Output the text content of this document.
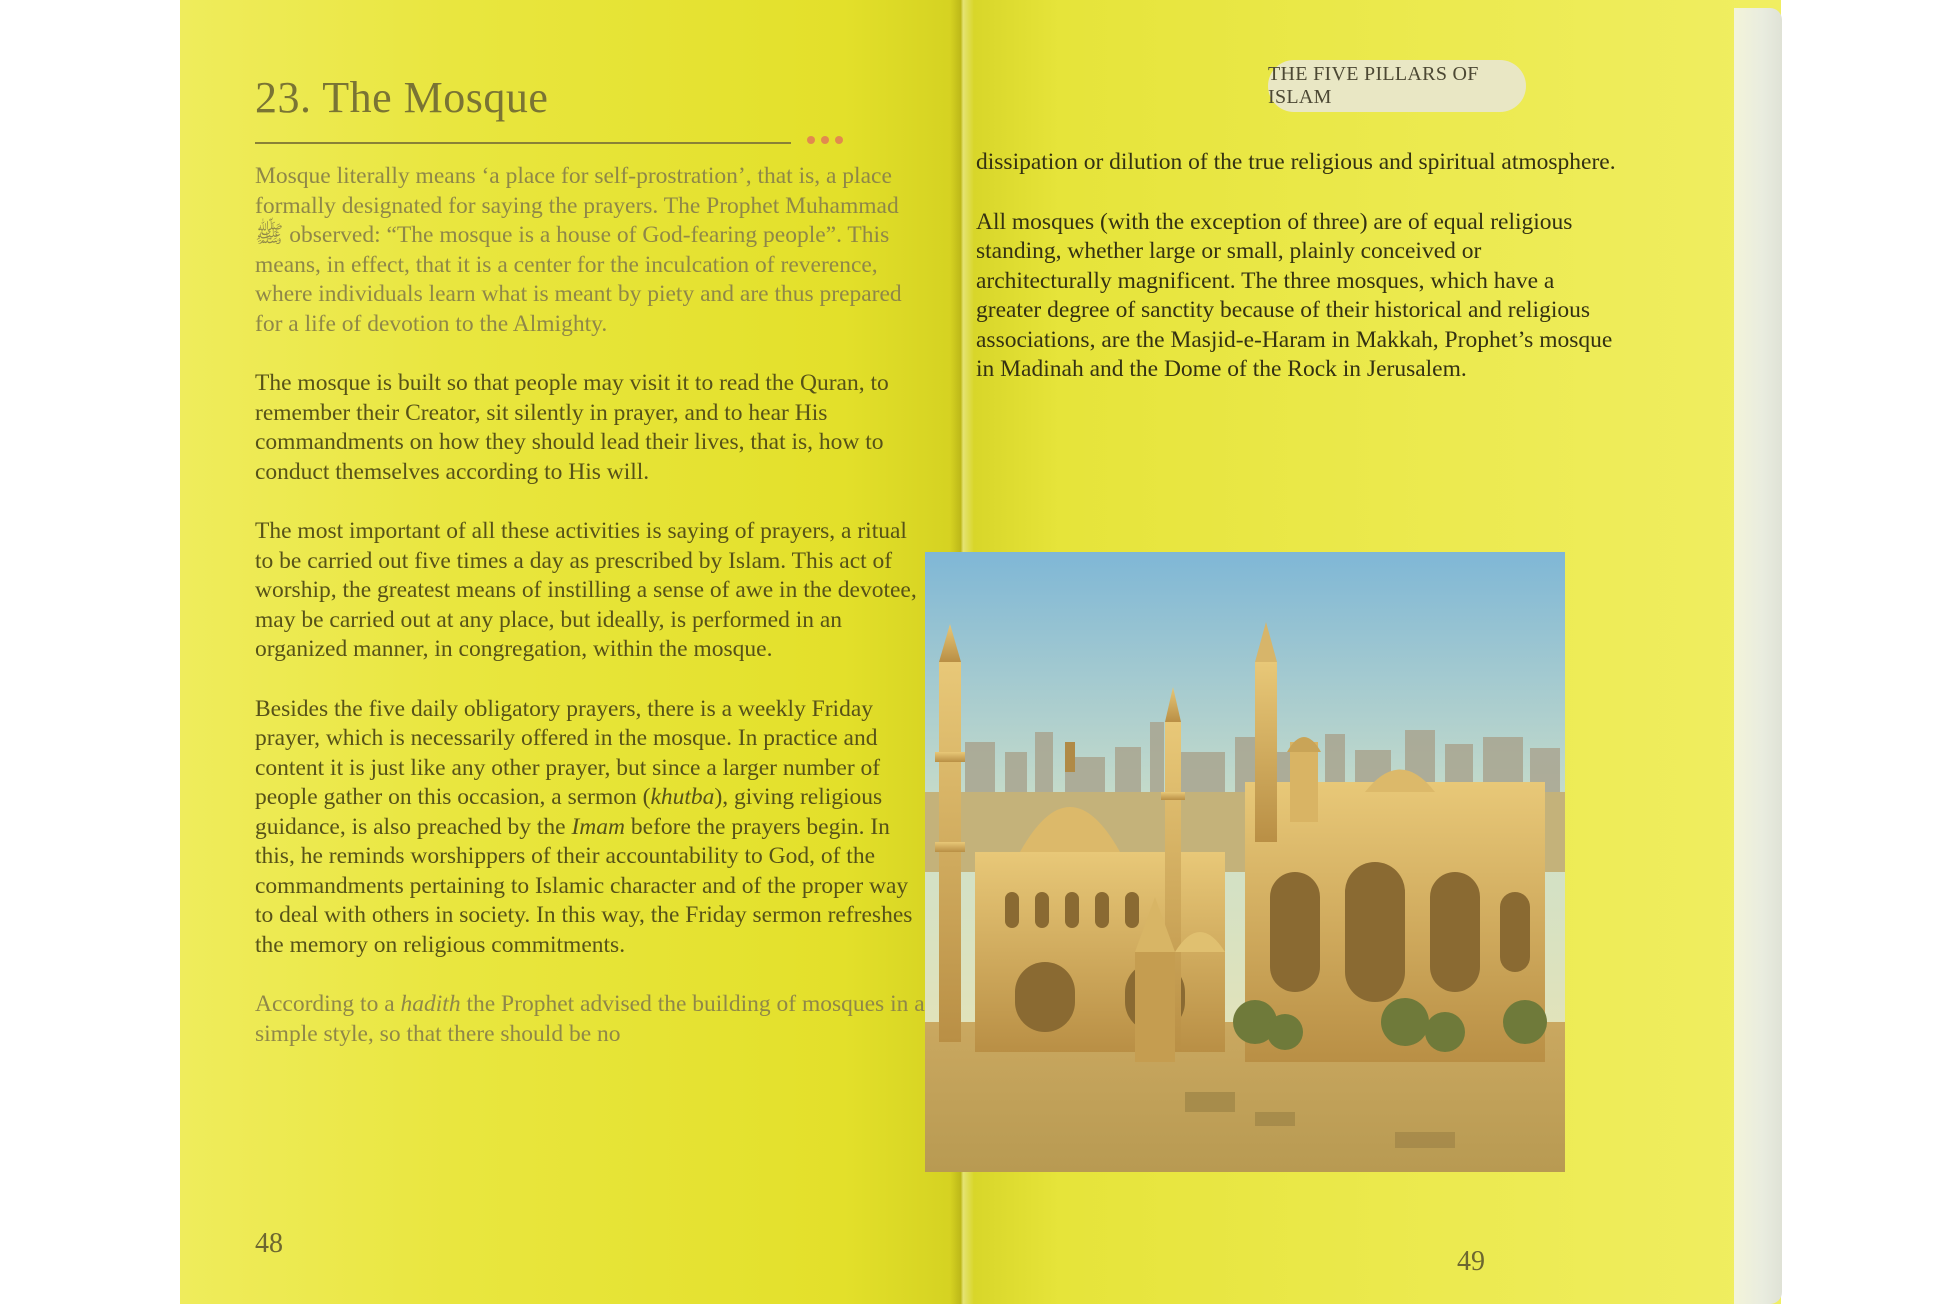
23. The Mosque

Mosque literally means ‘a place for self-prostration’, that is, a place formally designated for saying the prayers. The Prophet Muhammad ﷺ observed: “The mosque is a house of God-fearing people”. This means, in effect, that it is a center for the inculcation of reverence, where individuals learn what is meant by piety and are thus prepared for a life of devotion to the Almighty.

The mosque is built so that people may visit it to read the Quran, to remember their Creator, sit silently in prayer, and to hear His commandments on how they should lead their lives, that is, how to conduct themselves according to His will.

The most important of all these activities is saying of prayers, a ritual to be carried out five times a day as prescribed by Islam. This act of worship, the greatest means of instilling a sense of awe in the devotee, may be carried out at any place, but ideally, is performed in an organized manner, in congregation, within the mosque.

Besides the five daily obligatory prayers, there is a weekly Friday prayer, which is necessarily offered in the mosque. In practice and content it is just like any other prayer, but since a larger number of people gather on this occasion, a sermon (khutba), giving religious guidance, is also preached by the Imam before the prayers begin. In this, he reminds worshippers of their accountability to God, of the commandments pertaining to Islamic character and of the proper way to deal with others in society. In this way, the Friday sermon refreshes the memory on religious commitments.

According to a hadith the Prophet advised the building of mosques in a simple style, so that there should be no

48
THE FIVE PILLARS OF ISLAM

dissipation or dilution of the true religious and spiritual atmosphere.

All mosques (with the exception of three) are of equal religious standing, whether large or small, plainly conceived or architecturally magnificent. The three mosques, which have a greater degree of sanctity because of their historical and religious associations, are the Masjid-e-Haram in Makkah, Prophet’s mosque in Madinah and the Dome of the Rock in Jerusalem.

49
